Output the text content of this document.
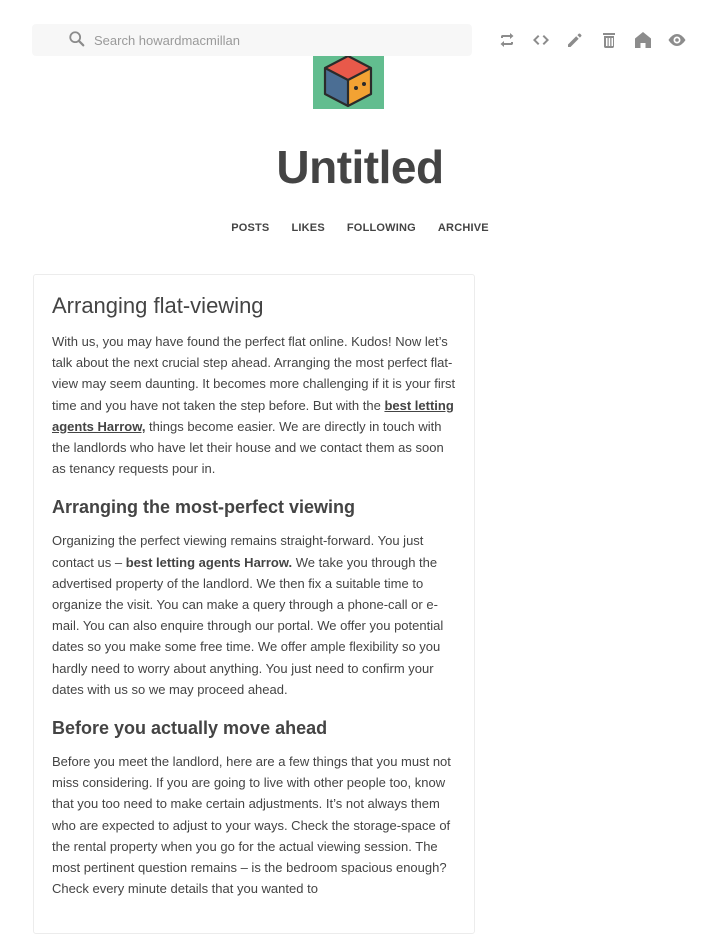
Search howardmacmillan
Untitled
POSTS LIKES FOLLOWING ARCHIVE
Arranging flat-viewing

With us, you may have found the perfect flat online. Kudos! Now let’s talk about the next crucial step ahead. Arranging the most perfect flat-view may seem daunting. It becomes more challenging if it is your first time and you have not taken the step before. But with the best letting agents Harrow, things become easier. We are directly in touch with the landlords who have let their house and we contact them as soon as tenancy requests pour in.

Arranging the most-perfect viewing

Organizing the perfect viewing remains straight-forward. You just contact us – best letting agents Harrow. We take you through the advertised property of the landlord. We then fix a suitable time to organize the visit. You can make a query through a phone-call or e-mail. You can also enquire through our portal. We offer you potential dates so you make some free time. We offer ample flexibility so you hardly need to worry about anything. You just need to confirm your dates with us so we may proceed ahead.

Before you actually move ahead

Before you meet the landlord, here are a few things that you must not miss considering. If you are going to live with other people too, know that you too need to make certain adjustments. It’s not always them who are expected to adjust to your ways. Check the storage-space of the rental property when you go for the actual viewing session. The most pertinent question remains – is the bedroom spacious enough? Check every minute details that you wanted to
